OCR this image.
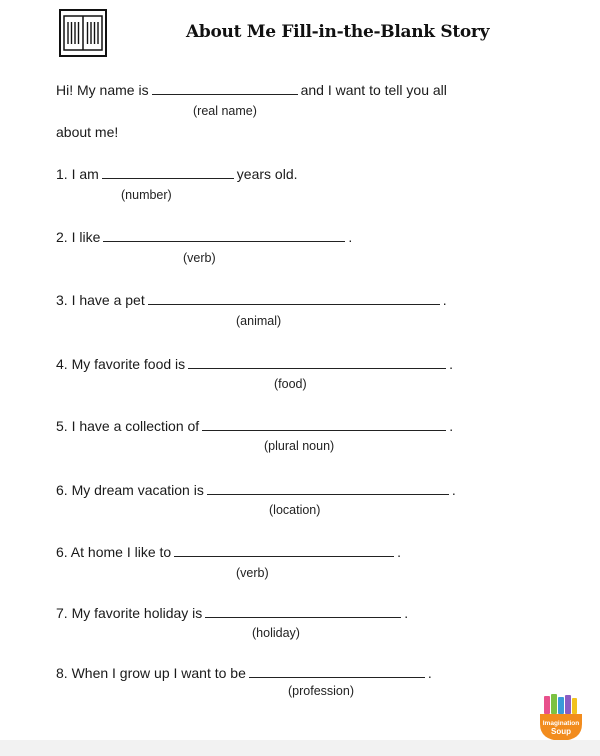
About Me Fill-in-the-Blank Story
Hi! My name is	and I want to tell you all
(real name)
about me!
1. I am	years old.
(number)
2. I like	.
(verb)
3. I have a pet	.
(animal)
4. My favorite food is	.
(food)
5. I have a collection of	.
(plural noun)
6. My dream vacation is	.
(location)
6. At home I like to	.
(verb)
7. My favorite holiday is	.
(holiday)
8. When I grow up I want to be	.
(profession)
Imagination
Soup
